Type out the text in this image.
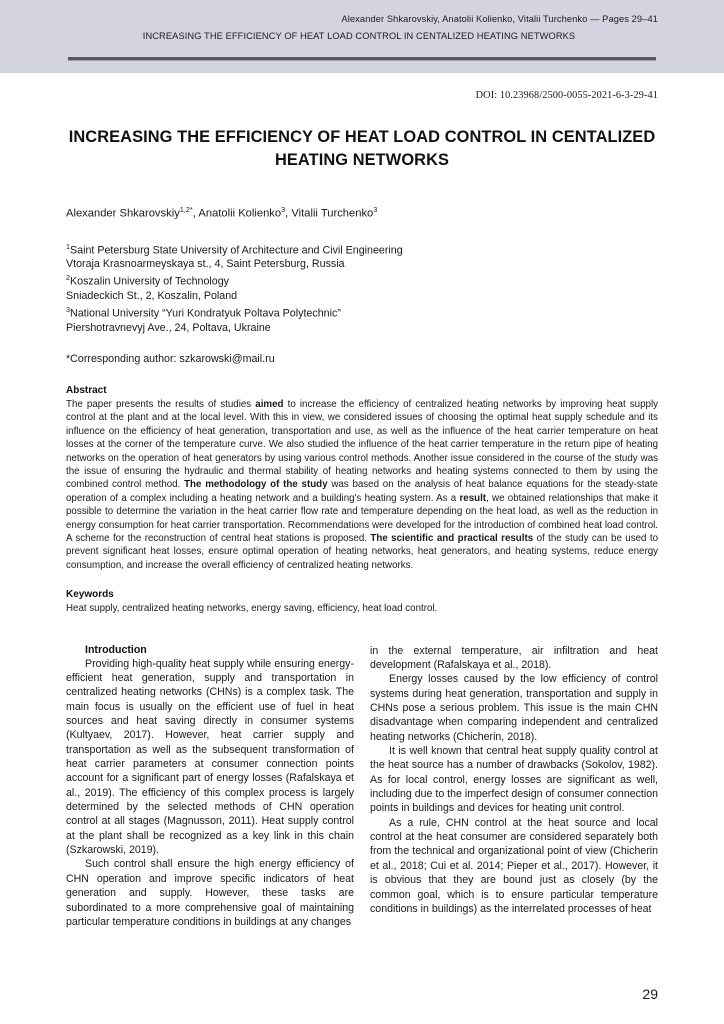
Alexander Shkarovskiy, Anatolii Kolienko, Vitalii Turchenko — Pages 29–41
INCREASING THE EFFICIENCY OF HEAT LOAD CONTROL IN CENTALIZED HEATING NETWORKS
DOI: 10.23968/2500-0055-2021-6-3-29-41
INCREASING THE EFFICIENCY OF HEAT LOAD CONTROL IN CENTALIZED HEATING NETWORKS
Alexander Shkarovskiy$^{1,2*}$, Anatolii Kolienko$^3$, Vitalii Turchenko$^3$
$^1$Saint Petersburg State University of Architecture and Civil Engineering
Vtoraja Krasnoarmeyskaya st., 4, Saint Petersburg, Russia
$^2$Koszalin University of Technology
Sniadeckich St., 2, Koszalin, Poland
$^3$National University “Yuri Kondratyuk Poltava Polytechnic”
Piershotravnevyj Ave., 24, Poltava, Ukraine
*Corresponding author: szkarowski@mail.ru
Abstract

The paper presents the results of studies aimed to increase the efficiency of centralized heating networks by improving heat supply control at the plant and at the local level. With this in view, we considered issues of choosing the optimal heat supply schedule and its influence on the efficiency of heat generation, transportation and use, as well as the influence of the heat carrier temperature on heat losses at the corner of the temperature curve. We also studied the influence of the heat carrier temperature in the return pipe of heating networks on the operation of heat generators by using various control methods. Another issue considered in the course of the study was the issue of ensuring the hydraulic and thermal stability of heating networks and heating systems connected to them by using the combined control method. The methodology of the study was based on the analysis of heat balance equations for the steady-state operation of a complex including a heating network and a building's heating system. As a result, we obtained relationships that make it possible to determine the variation in the heat carrier flow rate and temperature depending on the heat load, as well as the reduction in energy consumption for heat carrier transportation. Recommendations were developed for the introduction of combined heat load control. A scheme for the reconstruction of central heat stations is proposed. The scientific and practical results of the study can be used to prevent significant heat losses, ensure optimal operation of heating networks, heat generators, and heating systems, reduce energy consumption, and increase the overall efficiency of centralized heating networks.

Keywords
Heat supply, centralized heating networks, energy saving, efficiency, heat load control.
Introduction

Providing high-quality heat supply while ensuring energy-efficient heat generation, supply and transportation in centralized heating networks (CHNs) is a complex task. The main focus is usually on the efficient use of fuel in heat sources and heat saving directly in consumer systems (Kultyaev, 2017). However, heat carrier supply and transportation as well as the subsequent transformation of heat carrier parameters at consumer connection points account for a significant part of energy losses (Rafalskaya et al., 2019). The efficiency of this complex process is largely determined by the selected methods of CHN operation control at all stages (Magnusson, 2011). Heat supply control at the plant shall be recognized as a key link in this chain (Szkarowski, 2019).

Such control shall ensure the high energy efficiency of CHN operation and improve specific indicators of heat generation and supply. However, these tasks are subordinated to a more comprehensive goal of maintaining particular temperature conditions in buildings at any changes

in the external temperature, air infiltration and heat development (Rafalskaya et al., 2018).

Energy losses caused by the low efficiency of control systems during heat generation, transportation and supply in CHNs pose a serious problem. This issue is the main CHN disadvantage when comparing independent and centralized heating networks (Chicherin, 2018).

It is well known that central heat supply quality control at the heat source has a number of drawbacks (Sokolov, 1982). As for local control, energy losses are significant as well, including due to the imperfect design of consumer connection points in buildings and devices for heating unit control.

As a rule, CHN control at the heat source and local control at the heat consumer are considered separately both from the technical and organizational point of view (Chicherin et al., 2018; Cui et al. 2014; Pieper et al., 2017). However, it is obvious that they are bound just as closely (by the common goal, which is to ensure particular temperature conditions in buildings) as the interrelated processes of heat

29
